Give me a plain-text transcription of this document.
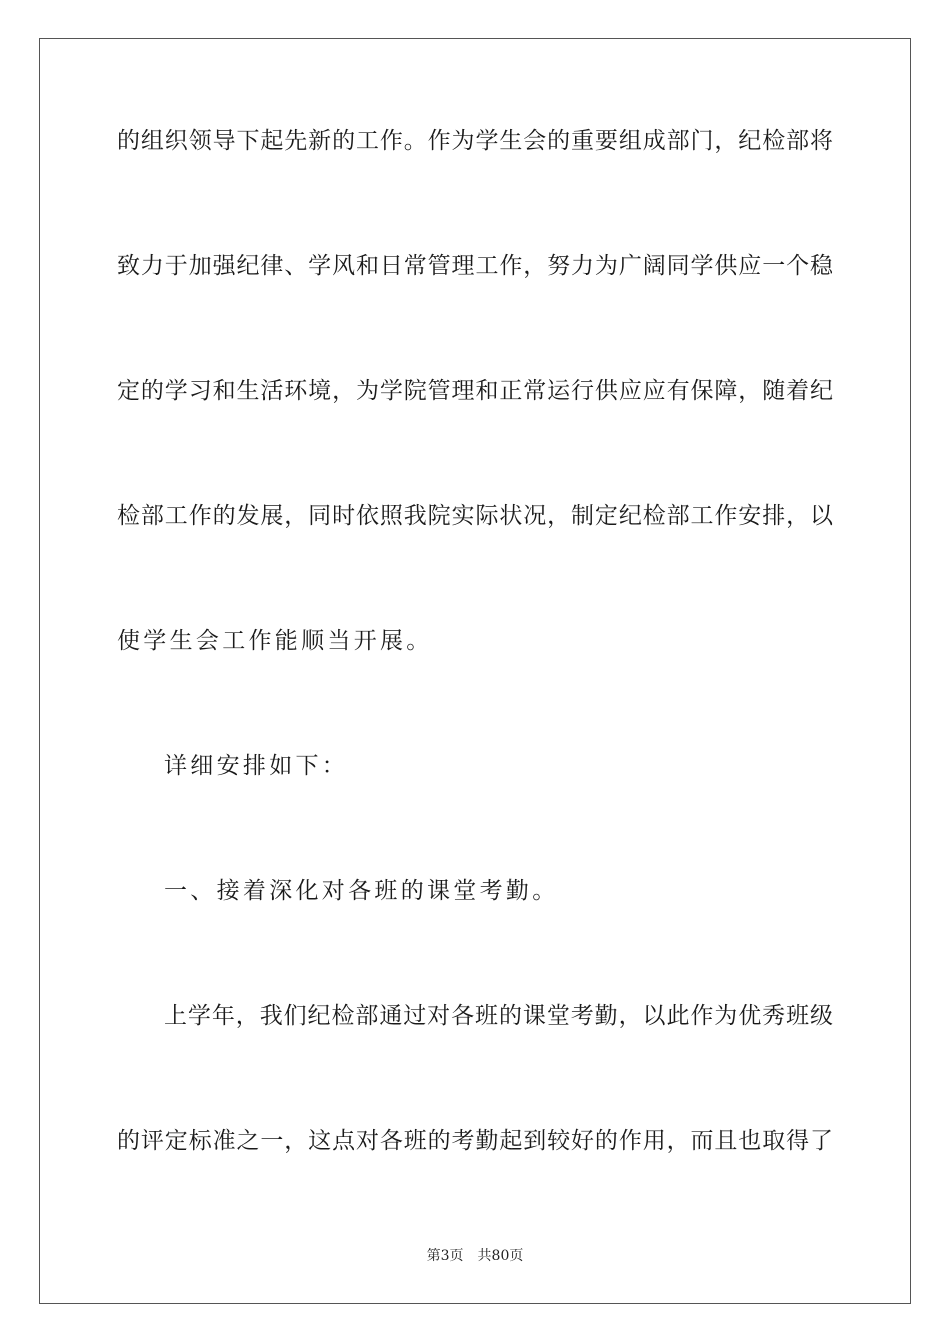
的组织领导下起先新的工作。作为学生会的重要组成部门，纪检部将
致力于加强纪律、学风和日常管理工作，努力为广阔同学供应一个稳
定的学习和生活环境，为学院管理和正常运行供应应有保障，随着纪
检部工作的发展，同时依照我院实际状况，制定纪检部工作安排，以
使学生会工作能顺当开展。
详细安排如下：
一、接着深化对各班的课堂考勤。
上学年，我们纪检部通过对各班的课堂考勤，以此作为优秀班级
的评定标准之一，这点对各班的考勤起到较好的作用，而且也取得了
第3页 共80页
